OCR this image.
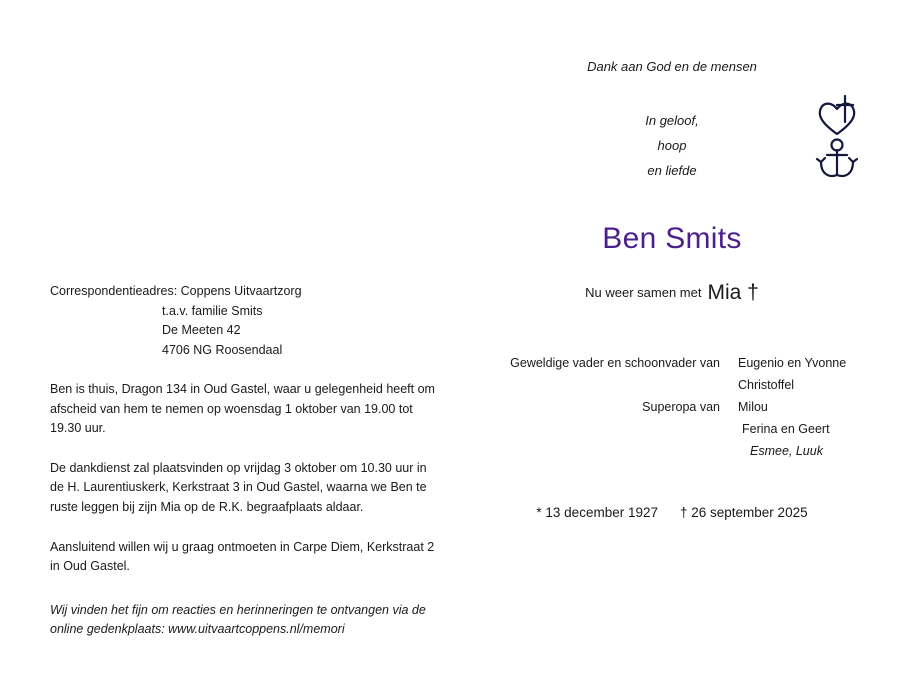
Correspondentieadres: Coppens Uitvaartzorg
t.a.v. familie Smits
De Meeten 42
4706 NG Roosendaal

Ben is thuis, Dragon 134 in Oud Gastel, waar u gelegenheid heeft om afscheid van hem te nemen op woensdag 1 oktober van 19.00 tot 19.30 uur.

De dankdienst zal plaatsvinden op vrijdag 3 oktober om 10.30 uur in de H. Laurentiuskerk, Kerkstraat 3 in Oud Gastel, waarna we Ben te ruste leggen bij zijn Mia op de R.K. begraafplaats aldaar.

Aansluitend willen wij u graag ontmoeten in Carpe Diem, Kerkstraat 2 in Oud Gastel.

Wij vinden het fijn om reacties en herinneringen te ontvangen via de online gedenkplaats: www.uitvaartcoppens.nl/memori

Dank aan God en de mensen
In geloof,
hoop
en liefde
Ben Smits
Nu weer samen met Mia †
Geweldige vader en schoonvader van	Eugenio en Yvonne
Christoffel
Superopa van	Milou
Ferina en Geert
Esmee, Luuk
* 13 december 1927 † 26 september 2025
